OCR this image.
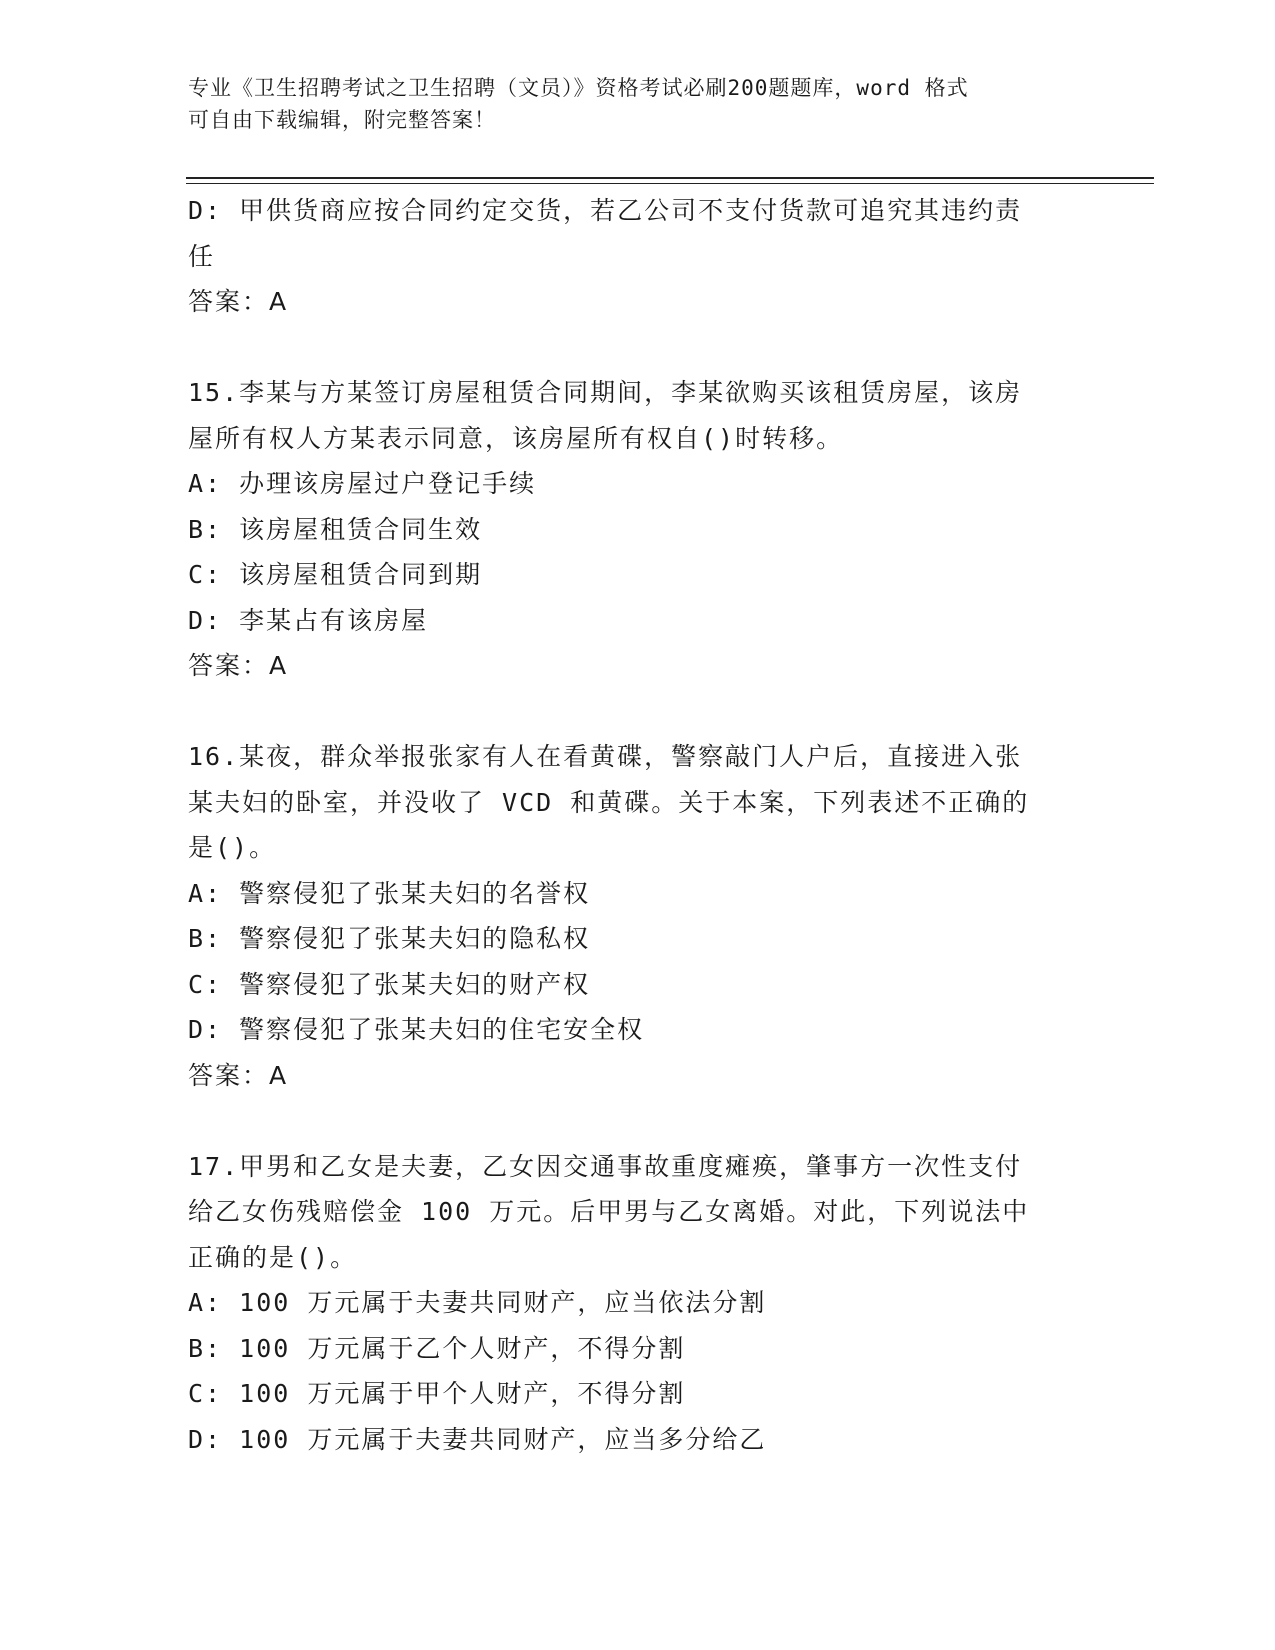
专业《卫生招聘考试之卫生招聘（文员）》资格考试必刷200题题库，word 格式
可自由下载编辑，附完整答案！
D: 甲供货商应按合同约定交货，若乙公司不支付货款可追究其违约责
任
答案：A
15.李某与方某签订房屋租赁合同期间，李某欲购买该租赁房屋，该房
屋所有权人方某表示同意，该房屋所有权自()时转移。
A: 办理该房屋过户登记手续
B: 该房屋租赁合同生效
C: 该房屋租赁合同到期
D: 李某占有该房屋
答案：A
16.某夜，群众举报张家有人在看黄碟，警察敲门人户后，直接进入张
某夫妇的卧室，并没收了 VCD 和黄碟。关于本案，下列表述不正确的
是()。
A: 警察侵犯了张某夫妇的名誉权
B: 警察侵犯了张某夫妇的隐私权
C: 警察侵犯了张某夫妇的财产权
D: 警察侵犯了张某夫妇的住宅安全权
答案：A
17.甲男和乙女是夫妻，乙女因交通事故重度瘫痪，肇事方一次性支付
给乙女伤残赔偿金 100 万元。后甲男与乙女离婚。对此，下列说法中
正确的是()。
A: 100 万元属于夫妻共同财产，应当依法分割
B: 100 万元属于乙个人财产，不得分割
C: 100 万元属于甲个人财产，不得分割
D: 100 万元属于夫妻共同财产，应当多分给乙
